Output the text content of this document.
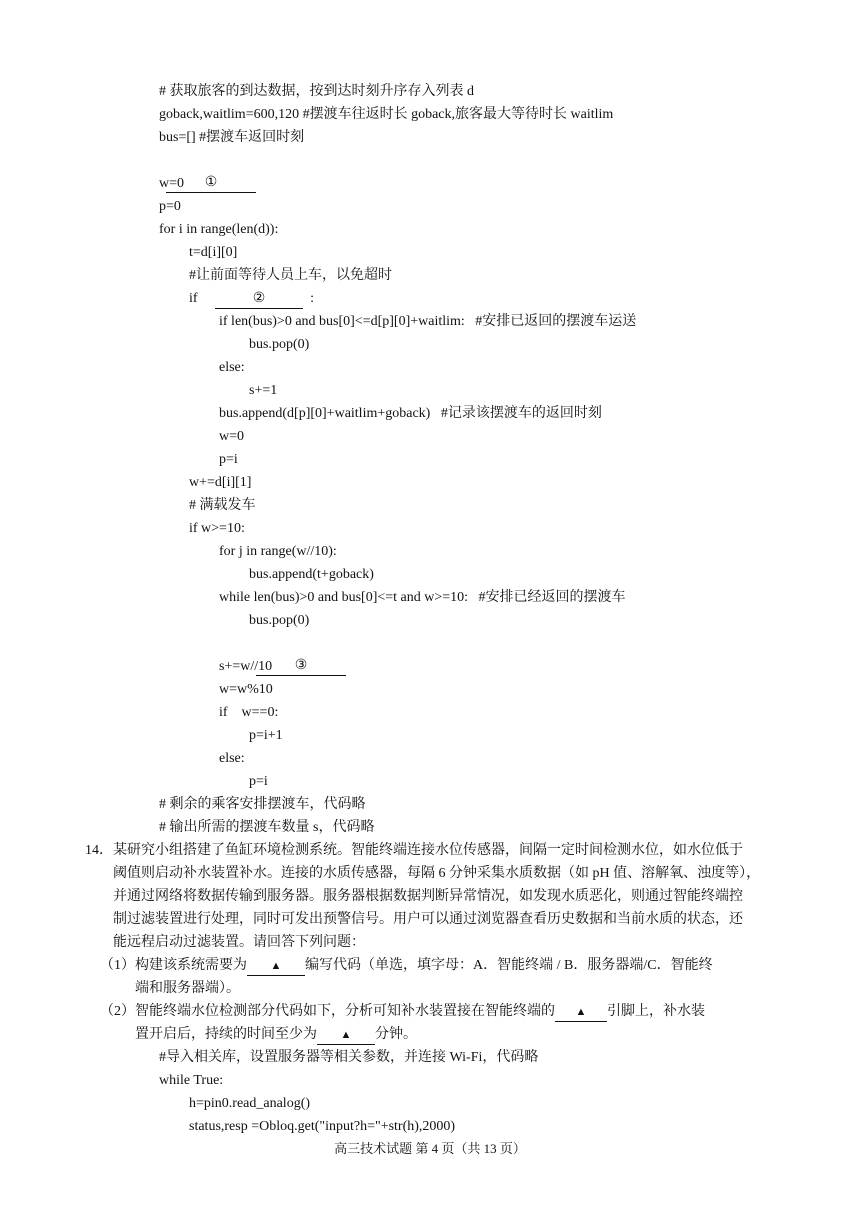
# 获取旅客的到达数据，按到达时刻升序存入列表 d
goback,waitlim=600,120 #摆渡车往返时长 goback,旅客最大等待时长 waitlim
bus=[] #摆渡车返回时刻

①

w=0
p=0
for i in range(len(d)):
t=d[i][0]
#让前面等待人员上车，以免超时
if	②	:
if len(bus)>0 and bus[0]<=d[p][0]+waitlim:   #安排已返回的摆渡车运送
bus.pop(0)
else:
s+=1
bus.append(d[p][0]+waitlim+goback)   #记录该摆渡车的返回时刻
w=0
p=i
w+=d[i][1]
# 满载发车
if w>=10:
for j in range(w//10):
bus.append(t+goback)
while len(bus)>0 and bus[0]<=t and w>=10:   #安排已经返回的摆渡车
bus.pop(0)

③

s+=w//10
w=w%10
if    w==0:
p=i+1
else:
p=i
# 剩余的乘客安排摆渡车，代码略
# 输出所需的摆渡车数量 s，代码略
14． 某研究小组搭建了鱼缸环境检测系统。智能终端连接水位传感器，间隔一定时间检测水位，如水位低于
阈值则启动补水装置补水。连接的水质传感器，每隔 6 分钟采集水质数据（如 pH 值、溶解氧、浊度等），
并通过网络将数据传输到服务器。服务器根据数据判断异常情况，如发现水质恶化，则通过智能终端控
制过滤装置进行处理，同时可发出预警信号。用户可以通过浏览器查看历史数据和当前水质的状态，还
能远程启动过滤装置。请回答下列问题：
（1）构建该系统需要为 ▲ 编写代码（单选，填字母：A．智能终端 / B．服务器端/C．智能终
端和服务器端）。
（2）智能终端水位检测部分代码如下，分析可知补水装置接在智能终端的 ▲ 引脚上，补水装
置开启后，持续的时间至少为 ▲ 分钟。
#导入相关库，设置服务器等相关参数，并连接 Wi-Fi，代码略
while True:
h=pin0.read_analog()
status,resp =Obloq.get("input?h="+str(h),2000)
高三技术试题 第 4 页（共 13 页）
